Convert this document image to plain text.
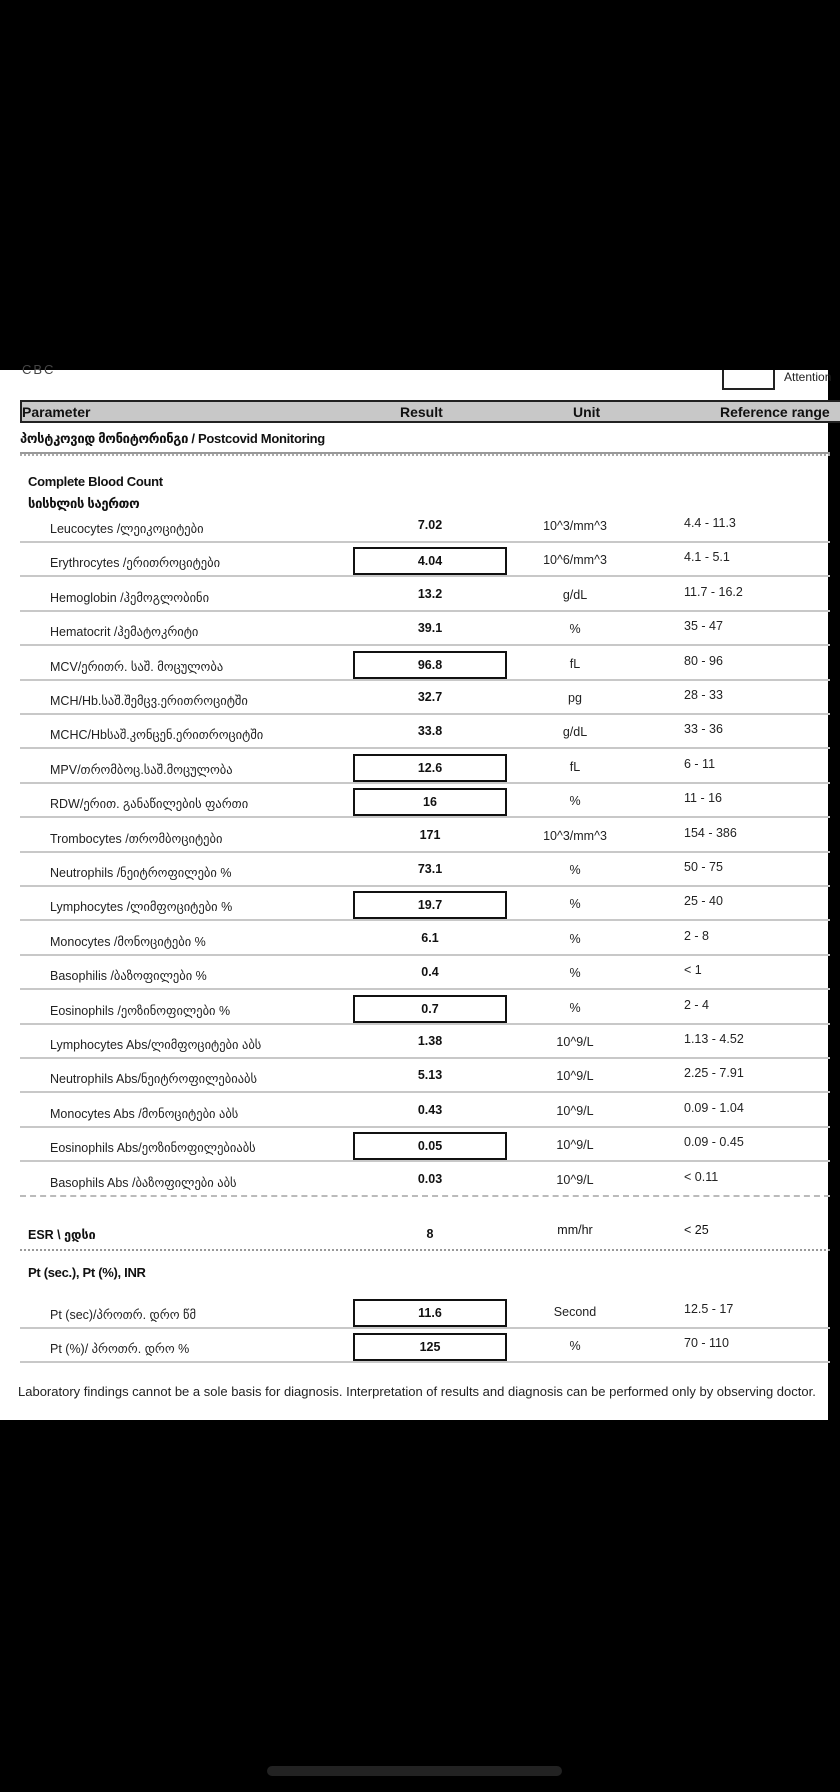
CBC	Attention
Parameter	Result	Unit	Reference range
პოსტკოვიდ მონიტორინგი / Postcovid Monitoring
Complete Blood Count
სისხლის საერთო
Leucocytes /ლეიკოციტები	7.02	10^3/mm^3	4.4 - 11.3
Erythrocytes /ერითროციტები	4.04	10^6/mm^3	4.1 - 5.1
Hemoglobin /ჰემოგლობინი	13.2	g/dL	11.7 - 16.2
Hematocrit /ჰემატოკრიტი	39.1	%	35 - 47
MCV/ერითრ. საშ. მოცულობა	96.8	fL	80 - 96
MCH/Hb.საშ.შემცვ.ერითროციტში	32.7	pg	28 - 33
MCHC/Hbსაშ.კონცენ.ერითროციტში	33.8	g/dL	33 - 36
MPV/თრომბოც.საშ.მოცულობა	12.6	fL	6 - 11
RDW/ერით. განაწილების ფართი	16	%	11 - 16
Trombocytes /თრომბოციტები	171	10^3/mm^3	154 - 386
Neutrophils /ნეიტროფილები %	73.1	%	50 - 75
Lymphocytes /ლიმფოციტები %	19.7	%	25 - 40
Monocytes /მონოციტები %	6.1	%	2 - 8
Basophilis /ბაზოფილები %	0.4	%	< 1
Eosinophils /ეოზინოფილები %	0.7	%	2 - 4
Lymphocytes Abs/ლიმფოციტები აბს	1.38	10^9/L	1.13 - 4.52
Neutrophils Abs/ნეიტროფილებიაბს	5.13	10^9/L	2.25 - 7.91
Monocytes Abs /მონოციტები აბს	0.43	10^9/L	0.09 - 1.04
Eosinophils Abs/ეოზინოფილებიაბს	0.05	10^9/L	0.09 - 0.45
Basophils Abs /ბაზოფილები აბს	0.03	10^9/L	< 0.11
ESR \ ედსი	8	mm/hr	< 25
Pt (sec.), Pt (%), INR
Pt (sec)/პროთრ. დრო წმ	11.6	Second	12.5 - 17
Pt (%)/ პროთრ. დრო %	125	%	70 - 110
Laboratory findings cannot be a sole basis for diagnosis. Interpretation of results and diagnosis can be performed only by observing doctor.
